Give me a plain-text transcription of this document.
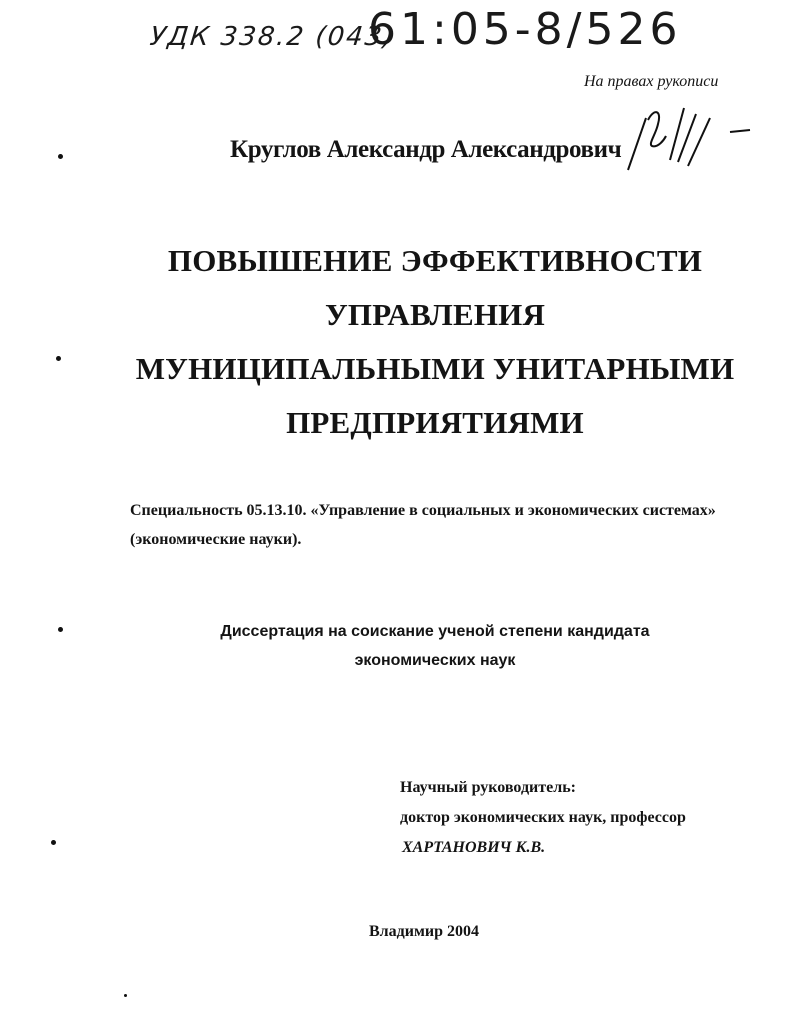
УДК 338.2 (043)
61:05-8/526
На правах рукописи
Круглов Александр Александрович
ПОВЫШЕНИЕ ЭФФЕКТИВНОСТИ
УПРАВЛЕНИЯ
МУНИЦИПАЛЬНЫМИ УНИТАРНЫМИ
ПРЕДПРИЯТИЯМИ
Специальность 05.13.10. «Управление в социальных и экономических системах» (экономические науки).
Диссертация на соискание ученой степени кандидата
экономических наук
Научный руководитель:
доктор экономических наук, профессор
ХАРТАНОВИЧ К.В.
Владимир 2004
